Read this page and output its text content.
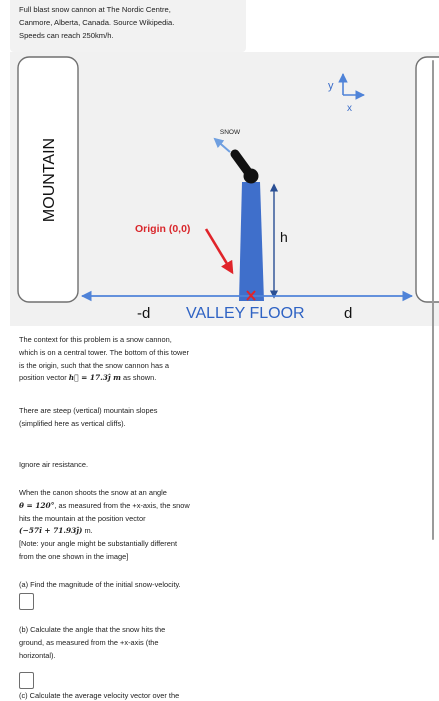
Full blast snow cannon at The Nordic Centre,
Canmore, Alberta, Canada. Source Wikipedia.
Speeds can reach 250km/h.
MOUNTAIN
y
x
SNOW
Origin (0,0)	h
-d VALLEY FLOOR	d
The context for this problem is a snow cannon,
which is on a central tower. The bottom of this tower
is the origin, such that the snow cannon has a
position vector h⃗ = 17.3ĵ m as shown.
There are steep (vertical) mountain slopes
(simplified here as vertical cliffs).
Ignore air resistance.
When the canon shoots the snow at an angle
θ = 120°, as measured from the +x-axis, the snow
hits the mountain at the position vector
(−57î + 71.93ĵ) m.
[Note: your angle might be substantially different
from the one shown in the image]
(a) Find the magnitude of the initial snow-velocity.
(b) Calculate the angle that the snow hits the
ground, as measured from the +x-axis (the
horizontal).
(c) Calculate the average velocity vector over the
